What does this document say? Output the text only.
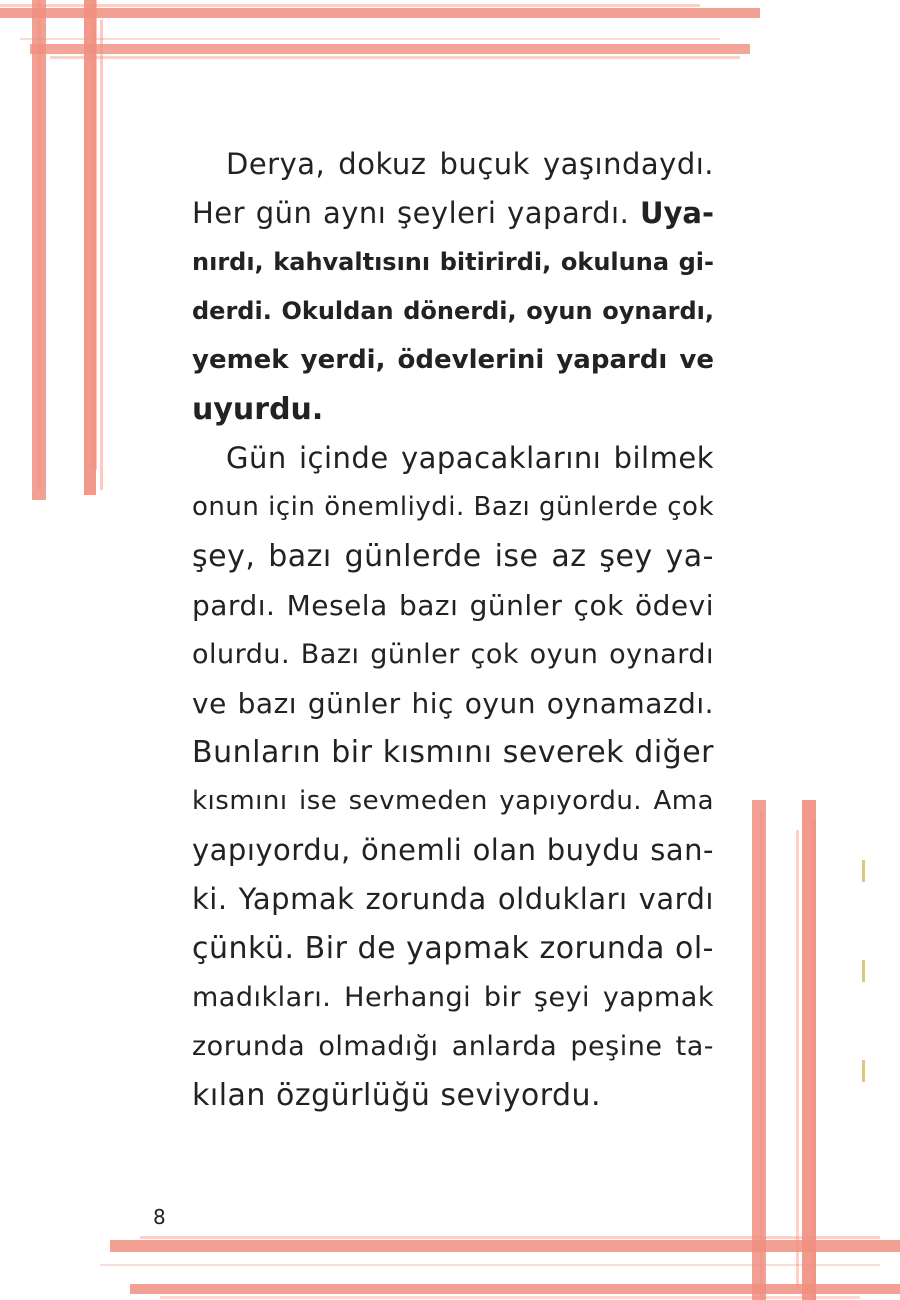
Derya, dokuz buçuk yaşındaydı.
Her gün aynı şeyleri yapardı. Uya-
nırdı, kahvaltısını bitirirdi, okuluna gi-
derdi. Okuldan dönerdi, oyun oynardı,
yemek yerdi, ödevlerini yapardı ve
uyurdu.
Gün içinde yapacaklarını bilmek
onun için önemliydi. Bazı günlerde çok
şey, bazı günlerde ise az şey ya-
pardı. Mesela bazı günler çok ödevi
olurdu. Bazı günler çok oyun oynardı
ve bazı günler hiç oyun oynamazdı.
Bunların bir kısmını severek diğer
kısmını ise sevmeden yapıyordu. Ama
yapıyordu, önemli olan buydu san-
ki. Yapmak zorunda oldukları vardı
çünkü. Bir de yapmak zorunda ol-
madıkları. Herhangi bir şeyi yapmak
zorunda olmadığı anlarda peşine ta-
kılan özgürlüğü seviyordu.
8
